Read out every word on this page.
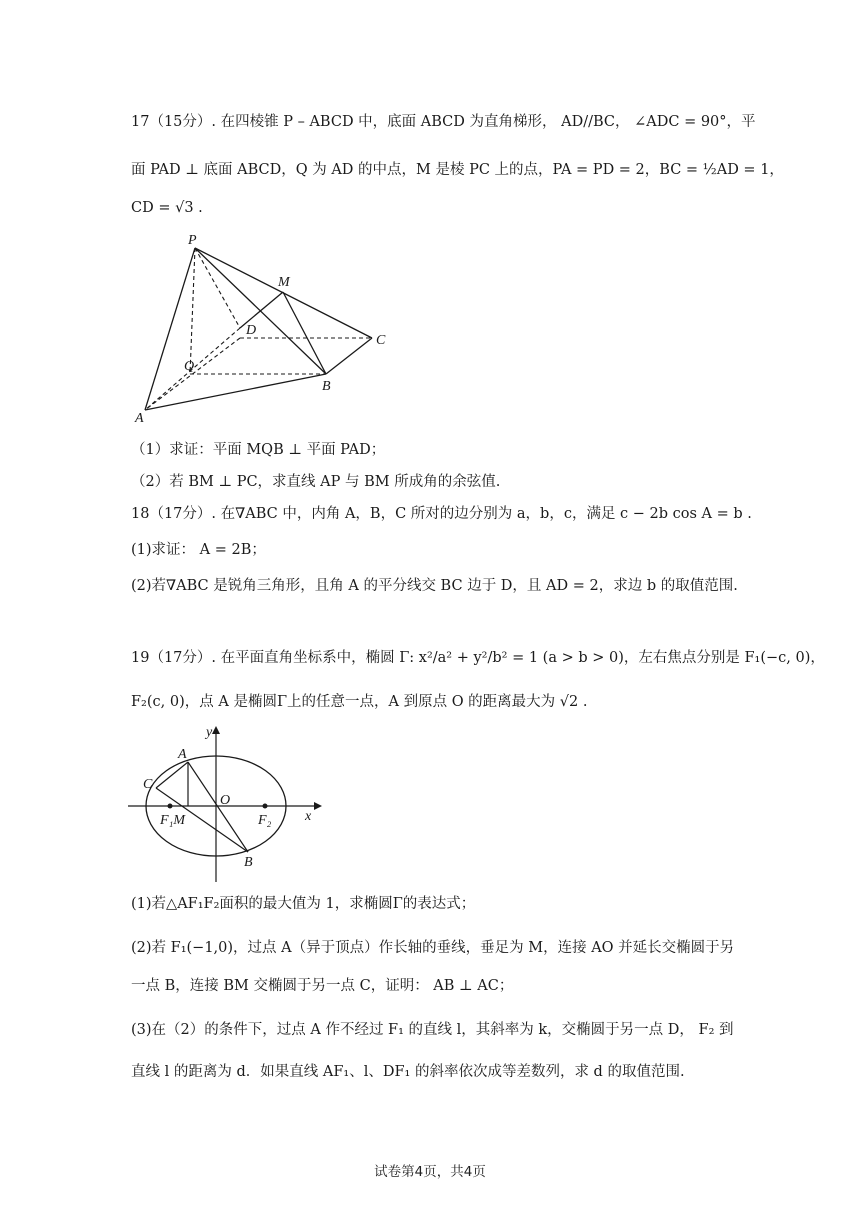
17（15分）. 在四棱锥 P – ABCD 中，底面 ABCD 为直角梯形， AD//BC， ∠ADC = 90°，平
面 PAD ⊥ 底面 ABCD，Q 为 AD 的中点，M 是棱 PC 上的点，PA = PD = 2，BC = ½AD = 1，
CD = √3 .
P
M
D
C
Q
B
A
（1）求证：平面 MQB ⊥ 平面 PAD；
（2）若 BM ⊥ PC，求直线 AP 与 BM 所成角的余弦值.
18（17分）. 在∇ABC 中，内角 A，B，C 所对的边分别为 a，b，c，满足 c − 2b cos A = b .
(1)求证： A = 2B；
(2)若∇ABC 是锐角三角形，且角 A 的平分线交 BC 边于 D，且 AD = 2，求边 b 的取值范围.
19（17分）. 在平面直角坐标系中，椭圆 Γ: x²/a² + y²/b² = 1 (a > b > 0)，左右焦点分别是 F₁(−c, 0)，
F₂(c, 0)，点 A 是椭圆Γ上的任意一点，A 到原点 O 的距离最大为 √2 .
y
A
C
O
F₁M	F₂ x
B
(1)若△AF₁F₂面积的最大值为 1，求椭圆Γ的表达式；
(2)若 F₁(−1,0)，过点 A（异于顶点）作长轴的垂线，垂足为 M，连接 AO 并延长交椭圆于另
一点 B，连接 BM 交椭圆于另一点 C，证明： AB ⊥ AC；
(3)在（2）的条件下，过点 A 作不经过 F₁ 的直线 l，其斜率为 k，交椭圆于另一点 D， F₂ 到
直线 l 的距离为 d．如果直线 AF₁、l、DF₁ 的斜率依次成等差数列，求 d 的取值范围.
试卷第4页，共4页
